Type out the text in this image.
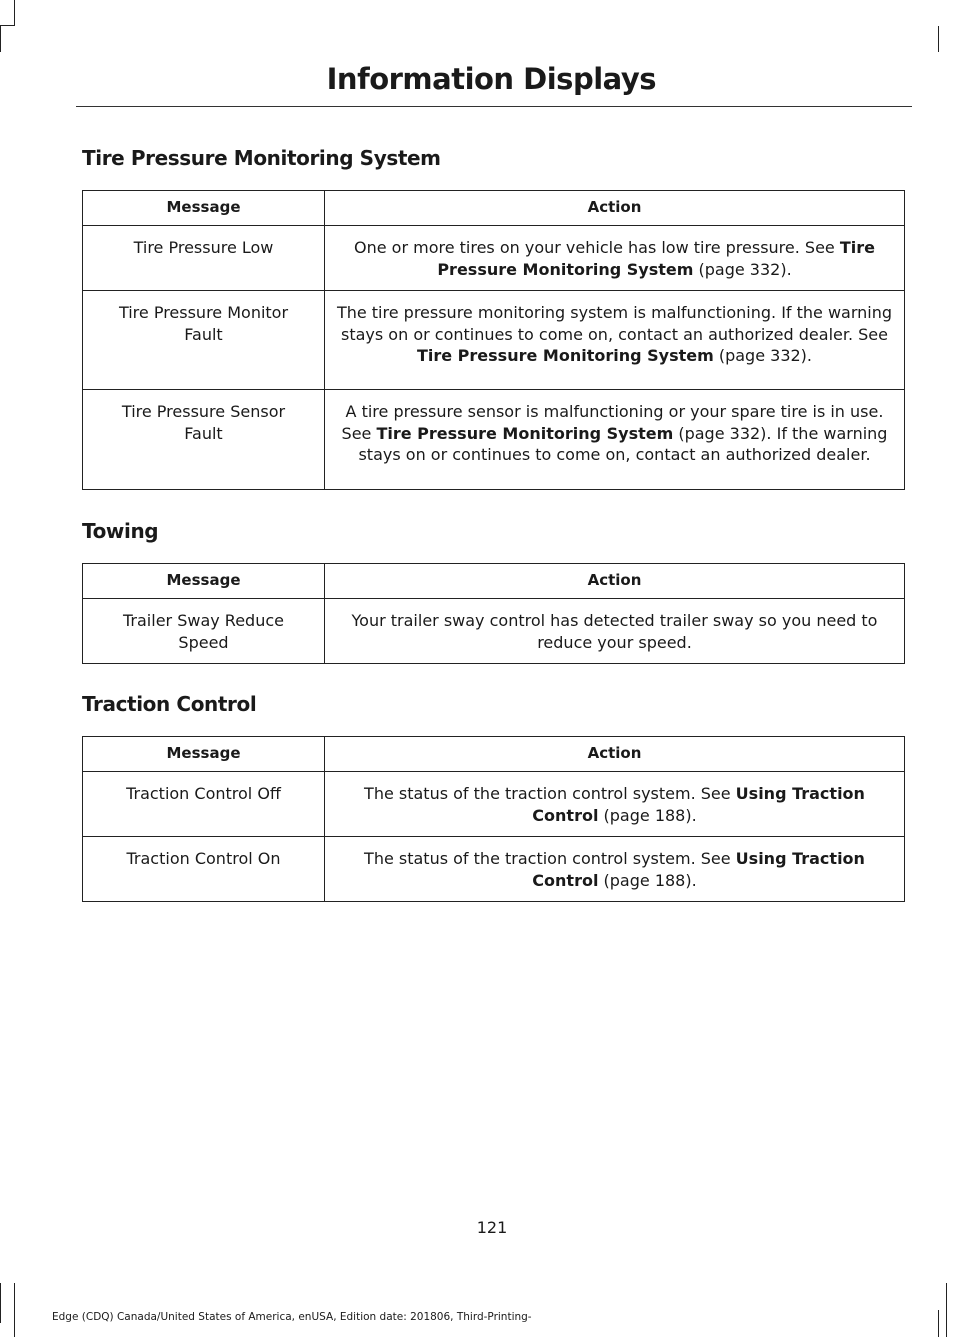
Information Displays
Tire Pressure Monitoring System
Message	Action
Tire Pressure Low	One or more tires on your vehicle has low tire pressure. See Tire Pressure Monitoring System (page 332).
Tire Pressure Monitor Fault	The tire pressure monitoring system is malfunctioning. If the warning stays on or continues to come on, contact an authorized dealer. See Tire Pressure Monitoring System (page 332).
Tire Pressure Sensor Fault	A tire pressure sensor is malfunctioning or your spare tire is in use. See Tire Pressure Monitoring System (page 332). If the warning stays on or continues to come on, contact an authorized dealer.
Towing
Message	Action
Trailer Sway Reduce Speed	Your trailer sway control has detected trailer sway so you need to reduce your speed.
Traction Control
Message	Action
Traction Control Off	The status of the traction control system. See Using Traction Control (page 188).
Traction Control On	The status of the traction control system. See Using Traction Control (page 188).
121
Edge (CDQ) Canada/United States of America, enUSA, Edition date: 201806, Third-Printing-
